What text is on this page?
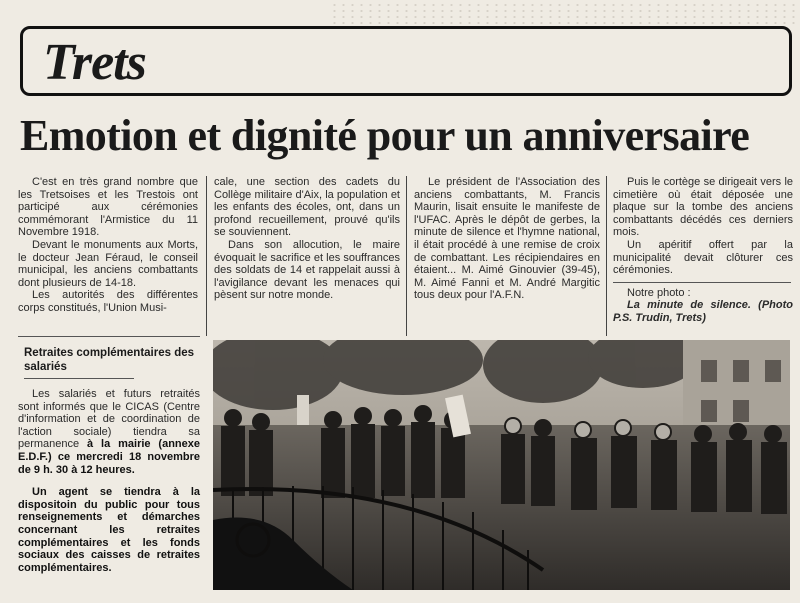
Trets
Emotion et dignité pour un anniversaire

C'est en très grand nombre que les Tretsoises et les Trestois ont participé aux cérémonies commémorant l'Armistice du 11 Novembre 1918.

Devant le monuments aux Morts, le docteur Jean Féraud, le conseil municipal, les anciens combattants dont plusieurs de 14-18.

Les autorités des différentes corps constitués, l'Union Musi-

cale, une section des cadets du Collège militaire d'Aix, la population et les enfants des écoles, ont, dans un profond recueillement, prouvé qu'ils se souviennent.

Dans son allocution, le maire évoquait le sacrifice et les souffrances des soldats de 14 et rappelait aussi à l'avigilance devant les menaces qui pèsent sur notre monde.

Le président de l'Association des anciens combattants, M. Francis Maurin, lisait ensuite le manifeste de l'UFAC. Après le dépôt de gerbes, la minute de silence et l'hymne national, il était procédé à une remise de croix de combattant. Les récipiendaires en étaient... M. Aimé Ginouvier (39-45), M. Aimé Fanni et M. André Margitic tous deux pour l'A.F.N.

Puis le cortège se dirigeait vers le cimetière où était déposée une plaque sur la tombe des anciens combattants décédés ces derniers mois.

Un apéritif offert par la municipalité devait clôturer ces cérémonies.

Notre photo :

La minute de silence. (Photo P.S. Trudin, Trets)

Retraites complémentaires des salariés

Les salariés et futurs retraités sont informés que le CICAS (Centre d'information et de coordination de l'action sociale) tiendra sa permanence à la mairie (annexe E.D.F.) ce mercredi 18 novembre de 9 h. 30 à 12 heures.

Un agent se tiendra à la dispositoin du public pour tous renseignements et démarches concernant les retraites complémentaires et les fonds sociaux des caisses de retraites complémentaires.
